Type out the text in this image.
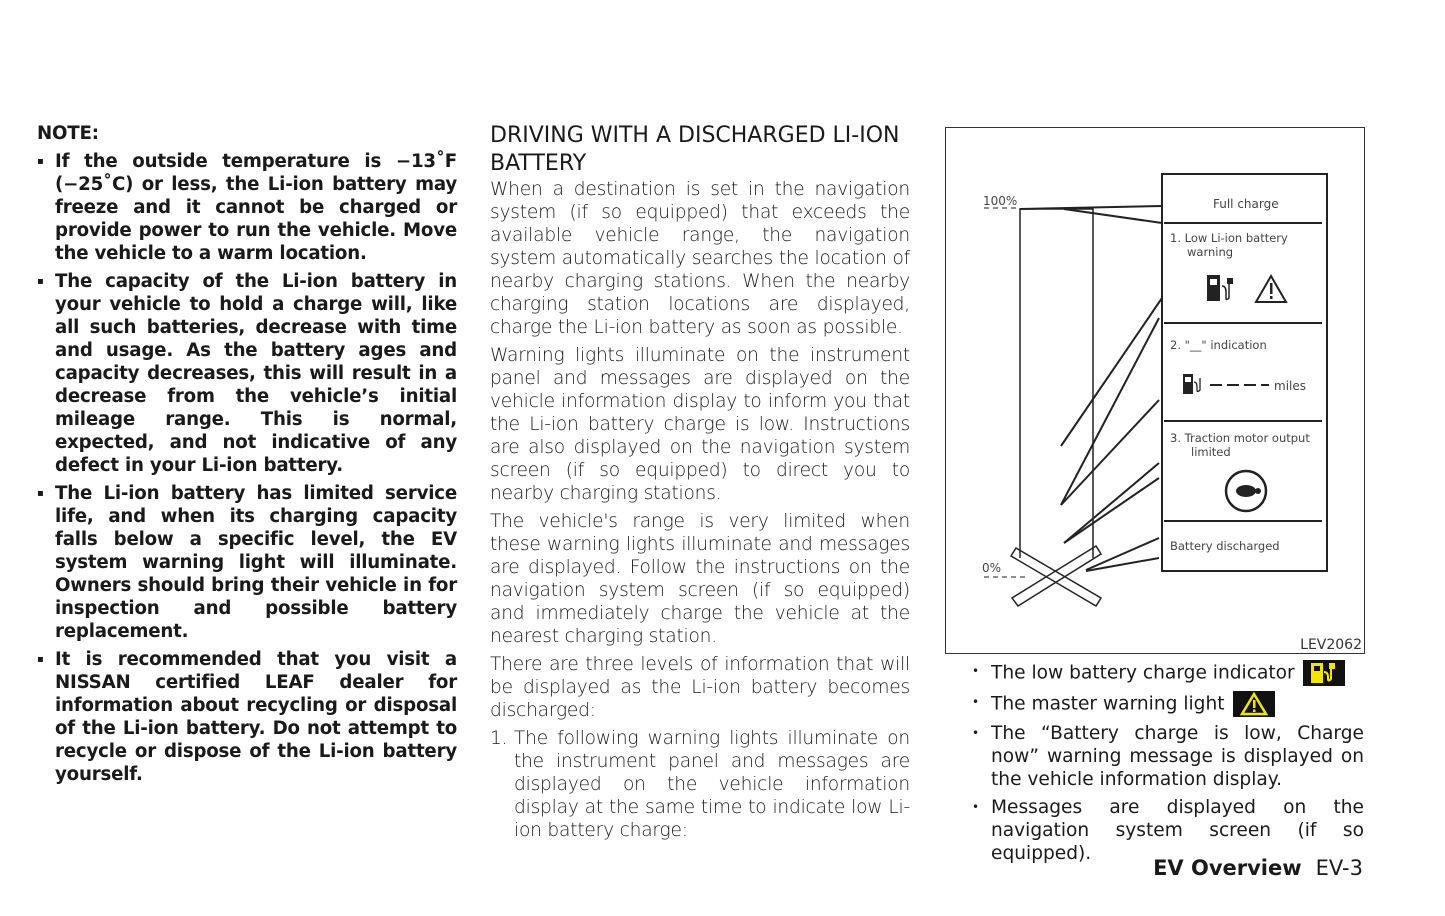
NOTE:
▪ If the outside temperature is −13˚F (−25˚C) or less, the Li-ion battery may freeze and it cannot be charged or provide power to run the vehicle. Move the vehicle to a warm location.
▪ The capacity of the Li-ion battery in your vehicle to hold a charge will, like all such batteries, decrease with time and usage. As the battery ages and capacity decreases, this will result in a decrease from the vehicle’s initial mileage range. This is normal, expected, and not indicative of any defect in your Li-ion battery.
▪ The Li-ion battery has limited service life, and when its charging capacity falls below a specific level, the EV system warning light will illuminate. Owners should bring their vehicle in for inspection and possible battery replacement.
▪ It is recommended that you visit a NISSAN certified LEAF dealer for information about recycling or disposal of the Li-ion battery. Do not attempt to recycle or dispose of the Li-ion battery yourself.
DRIVING WITH A DISCHARGED LI-ION BATTERY

When a destination is set in the navigation system (if so equipped) that exceeds the available vehicle range, the navigation system automatically searches the location of nearby charging stations. When the nearby charging station locations are displayed, charge the Li-ion battery as soon as possible.

Warning lights illuminate on the instrument panel and messages are displayed on the vehicle information display to inform you that the Li-ion battery charge is low. Instructions are also displayed on the navigation system screen (if so equipped) to direct you to nearby charging stations.

The vehicle's range is very limited when these warning lights illuminate and messages are displayed. Follow the instructions on the navigation system screen (if so equipped) and immediately charge the vehicle at the nearest charging station.

There are three levels of information that will be displayed as the Li-ion battery becomes discharged:

1. The following warning lights illuminate on the instrument panel and messages are displayed on the vehicle information display at the same time to indicate low Li-ion battery charge:
100%
0%
Full charge
1. Low Li-ion battery
warning
2. "__" indication
miles
3. Traction motor output
limited
Battery discharged
LEV2062
• The low battery charge indicator
• The master warning light
• The “Battery charge is low, Charge now” warning message is displayed on the vehicle information display.
• Messages are displayed on the navigation system screen (if so equipped).
EV Overview EV-3
